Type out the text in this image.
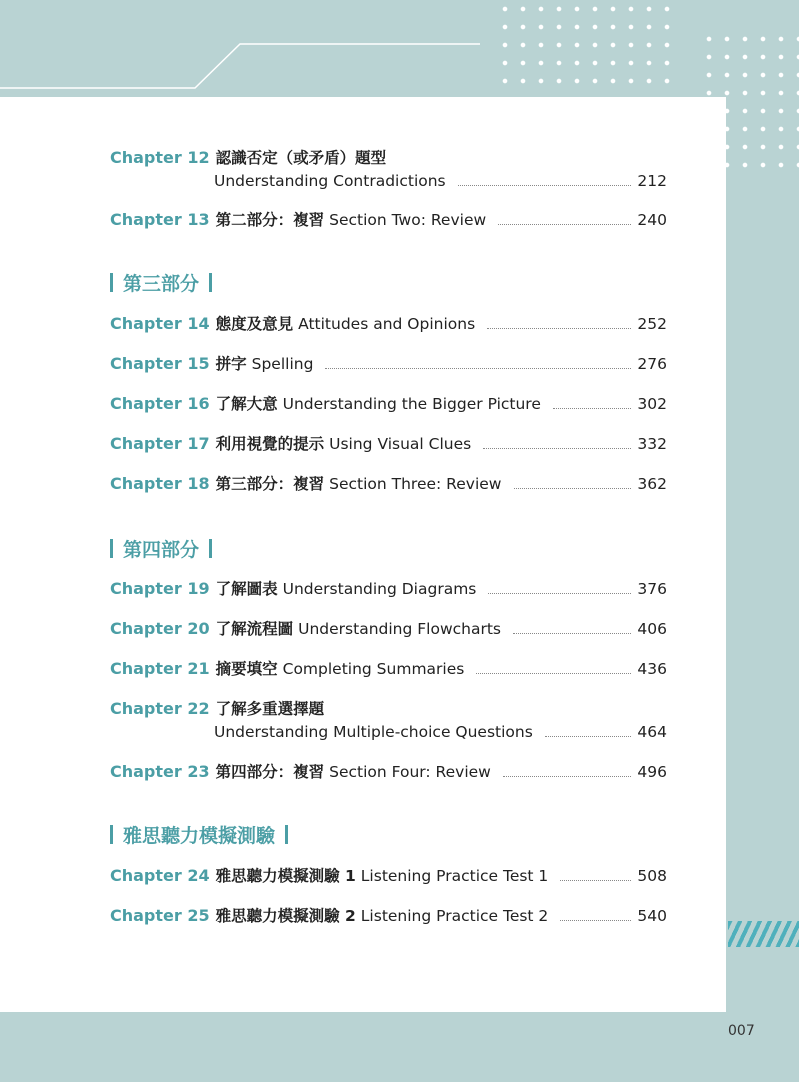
Chapter 12 認識否定（或矛盾）題型
Understanding Contradictions	212
Chapter 13 第二部分：複習 Section Two: Review	240
第三部分
Chapter 14 態度及意見 Attitudes and Opinions	252
Chapter 15 拼字 Spelling	276
Chapter 16 了解大意 Understanding the Bigger Picture	302
Chapter 17 利用視覺的提示 Using Visual Clues	332
Chapter 18 第三部分：複習 Section Three: Review	362
第四部分
Chapter 19 了解圖表 Understanding Diagrams	376
Chapter 20 了解流程圖 Understanding Flowcharts	406
Chapter 21 摘要填空 Completing Summaries	436
Chapter 22 了解多重選擇題
Understanding Multiple-choice Questions	464
Chapter 23 第四部分：複習 Section Four: Review	496
雅思聽力模擬測驗
Chapter 24 雅思聽力模擬測驗 1 Listening Practice Test 1	508
Chapter 25 雅思聽力模擬測驗 2 Listening Practice Test 2	540
007
